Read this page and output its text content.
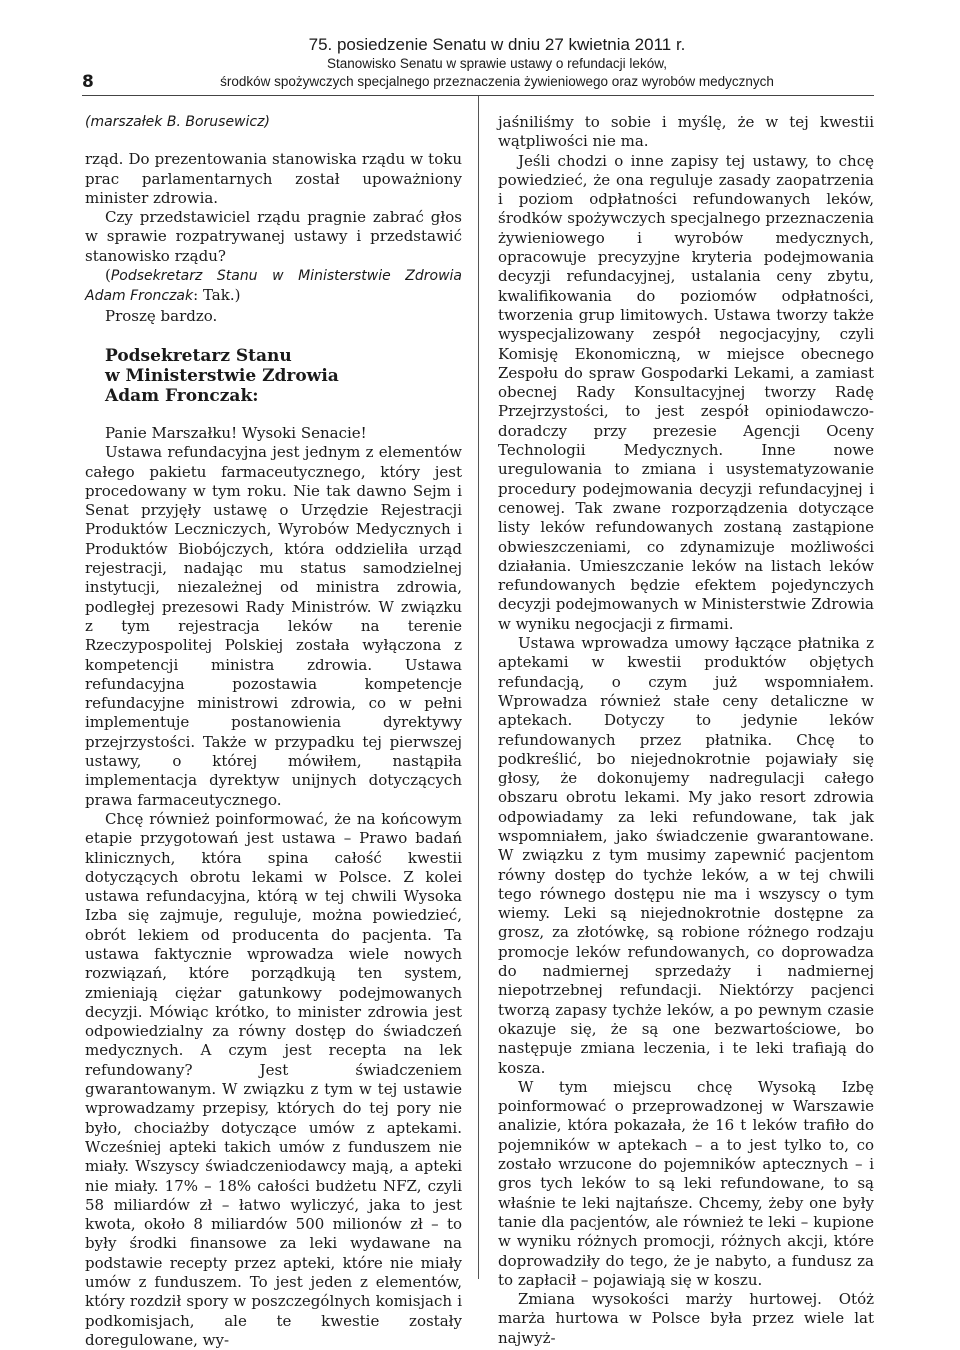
8
75. posiedzenie Senatu w dniu 27 kwietnia 2011 r.
Stanowisko Senatu w sprawie ustawy o refundacji leków,
środków spożywczych specjalnego przeznaczenia żywieniowego oraz wyrobów medycznych

(marszałek B. Borusewicz)

rząd. Do prezentowania stanowiska rządu w toku prac parlamentarnych został upoważniony minister zdrowia.

Czy przedstawiciel rządu pragnie zabrać głos w sprawie rozpatrywanej ustawy i przedstawić stanowisko rządu?

(Podsekretarz Stanu w Ministerstwie Zdrowia Adam Fronczak: Tak.)

Proszę bardzo.

Podsekretarz Stanu
w Ministerstwie Zdrowia
Adam Fronczak:

Panie Marszałku! Wysoki Senacie!

Ustawa refundacyjna jest jednym z elementów całego pakietu farmaceutycznego, który jest procedowany w tym roku. Nie tak dawno Sejm i Senat przyjęły ustawę o Urzędzie Rejestracji Produktów Leczniczych, Wyrobów Medycznych i Produktów Biobójczych, która oddzieliła urząd rejestracji, nadając mu status samodzielnej instytucji, niezależnej od ministra zdrowia, podległej prezesowi Rady Ministrów. W związku z tym rejestracja leków na terenie Rzeczypospolitej Polskiej została wyłączona z kompetencji ministra zdrowia. Ustawa refundacyjna pozostawia kompetencje refundacyjne ministrowi zdrowia, co w pełni implementuje postanowienia dyrektywy przejrzystości. Także w przypadku tej pierwszej ustawy, o której mówiłem, nastąpiła implementacja dyrektyw unijnych dotyczących prawa farmaceutycznego.

Chcę również poinformować, że na końcowym etapie przygotowań jest ustawa – Prawo badań klinicznych, która spina całość kwestii dotyczących obrotu lekami w Polsce. Z kolei ustawa refundacyjna, którą w tej chwili Wysoka Izba się zajmuje, reguluje, można powiedzieć, obrót lekiem od producenta do pacjenta. Ta ustawa faktycznie wprowadza wiele nowych rozwiązań, które porządkują ten system, zmieniają ciężar gatunkowy podejmowanych decyzji. Mówiąc krótko, to minister zdrowia jest odpowiedzialny za równy dostęp do świadczeń medycznych. A czym jest recepta na lek refundowany? Jest świadczeniem gwarantowanym. W związku z tym w tej ustawie wprowadzamy przepisy, których do tej pory nie było, chociażby dotyczące umów z aptekami. Wcześniej apteki takich umów z funduszem nie miały. Wszyscy świadczeniodawcy mają, a apteki nie miały. 17% – 18% całości budżetu NFZ, czyli 58 miliardów zł – łatwo wyliczyć, jaka to jest kwota, około 8 miliardów 500 milionów zł – to były środki finansowe za leki wydawane na podstawie recepty przez apteki, które nie miały umów z funduszem. To jest jeden z elementów, który rozdził spory w poszczególnych komisjach i podkomisjach, ale te kwestie zostały doregulowane, wy-

jaśniliśmy to sobie i myślę, że w tej kwestii wątpliwości nie ma.

Jeśli chodzi o inne zapisy tej ustawy, to chcę powiedzieć, że ona reguluje zasady zaopatrzenia i poziom odpłatności refundowanych leków, środków spożywczych specjalnego przeznaczenia żywieniowego i wyrobów medycznych, opracowuje precyzyjne kryteria podejmowania decyzji refundacyjnej, ustalania ceny zbytu, kwalifikowania do poziomów odpłatności, tworzenia grup limitowych. Ustawa tworzy także wyspecjalizowany zespół negocjacyjny, czyli Komisję Ekonomiczną, w miejsce obecnego Zespołu do spraw Gospodarki Lekami, a zamiast obecnej Rady Konsultacyjnej tworzy Radę Przejrzystości, to jest zespół opiniodawczo-doradczy przy prezesie Agencji Oceny Technologii Medycznych. Inne nowe uregulowania to zmiana i usystematyzowanie procedury podejmowania decyzji refundacyjnej i cenowej. Tak zwane rozporządzenia dotyczące listy leków refundowanych zostaną zastąpione obwieszczeniami, co zdynamizuje możliwości działania. Umieszczanie leków na listach leków refundowanych będzie efektem pojedynczych decyzji podejmowanych w Ministerstwie Zdrowia w wyniku negocjacji z firmami.

Ustawa wprowadza umowy łączące płatnika z aptekami w kwestii produktów objętych refundacją, o czym już wspomniałem. Wprowadza również stałe ceny detaliczne w aptekach. Dotyczy to jedynie leków refundowanych przez płatnika. Chcę to podkreślić, bo niejednokrotnie pojawiały się głosy, że dokonujemy nadregulacji całego obszaru obrotu lekami. My jako resort zdrowia odpowiadamy za leki refundowane, tak jak wspomniałem, jako świadczenie gwarantowane. W związku z tym musimy zapewnić pacjentom równy dostęp do tychże leków, a w tej chwili tego równego dostępu nie ma i wszyscy o tym wiemy. Leki są niejednokrotnie dostępne za grosz, za złotówkę, są robione różnego rodzaju promocje leków refundowanych, co doprowadza do nadmiernej sprzedaży i nadmiernej niepotrzebnej refundacji. Niektórzy pacjenci tworzą zapasy tychże leków, a po pewnym czasie okazuje się, że są one bezwartościowe, bo następuje zmiana leczenia, i te leki trafiają do kosza.

W tym miejscu chcę Wysoką Izbę poinformować o przeprowadzonej w Warszawie analizie, która pokazała, że 16 t leków trafiło do pojemników w aptekach – a to jest tylko to, co zostało wrzucone do pojemników aptecznych – i gros tych leków to są leki refundowane, to są właśnie te leki najtańsze. Chcemy, żeby one były tanie dla pacjentów, ale również te leki – kupione w wyniku różnych promocji, różnych akcji, które doprowadziły do tego, że je nabyto, a fundusz za to zapłacił – pojawiają się w koszu.

Zmiana wysokości marży hurtowej. Otóż marża hurtowa w Polsce była przez wiele lat najwyż-
